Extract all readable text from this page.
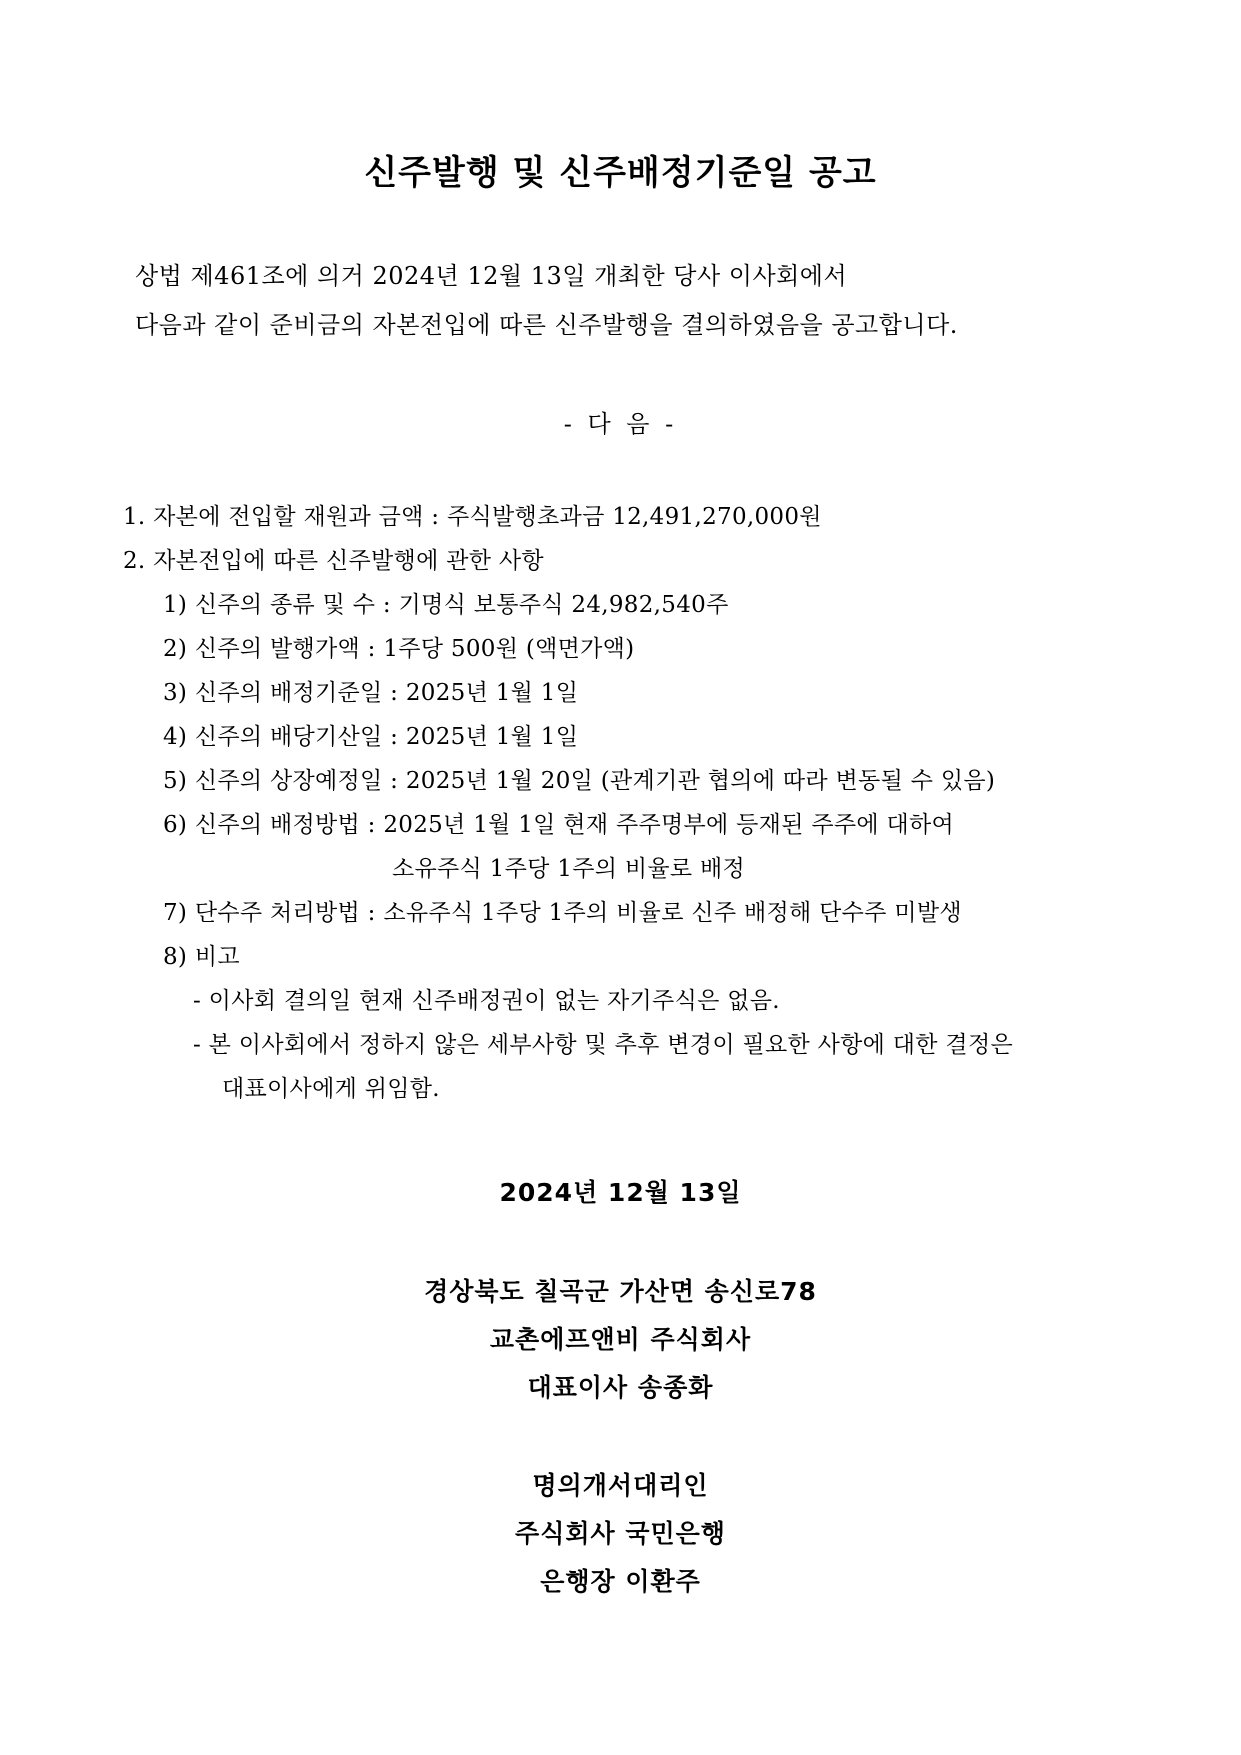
신주발행 및 신주배정기준일 공고
상법 제461조에 의거 2024년 12월 13일 개최한 당사 이사회에서
다음과 같이 준비금의 자본전입에 따른 신주발행을 결의하였음을 공고합니다.
- 다 음 -
1. 자본에 전입할 재원과 금액 : 주식발행초과금 12,491,270,000원
2. 자본전입에 따른 신주발행에 관한 사항
1) 신주의 종류 및 수 : 기명식 보통주식 24,982,540주
2) 신주의 발행가액 : 1주당 500원 (액면가액)
3) 신주의 배정기준일 : 2025년 1월 1일
4) 신주의 배당기산일 : 2025년 1월 1일
5) 신주의 상장예정일 : 2025년 1월 20일 (관계기관 협의에 따라 변동될 수 있음)
6) 신주의 배정방법 : 2025년 1월 1일 현재 주주명부에 등재된 주주에 대하여
소유주식 1주당 1주의 비율로 배정
7) 단수주 처리방법 : 소유주식 1주당 1주의 비율로 신주 배정해 단수주 미발생
8) 비고
- 이사회 결의일 현재 신주배정권이 없는 자기주식은 없음.
- 본 이사회에서 정하지 않은 세부사항 및 추후 변경이 필요한 사항에 대한 결정은
대표이사에게 위임함.
2024년 12월 13일
경상북도 칠곡군 가산면 송신로78
교촌에프앤비 주식회사
대표이사 송종화
명의개서대리인
주식회사 국민은행
은행장 이환주
